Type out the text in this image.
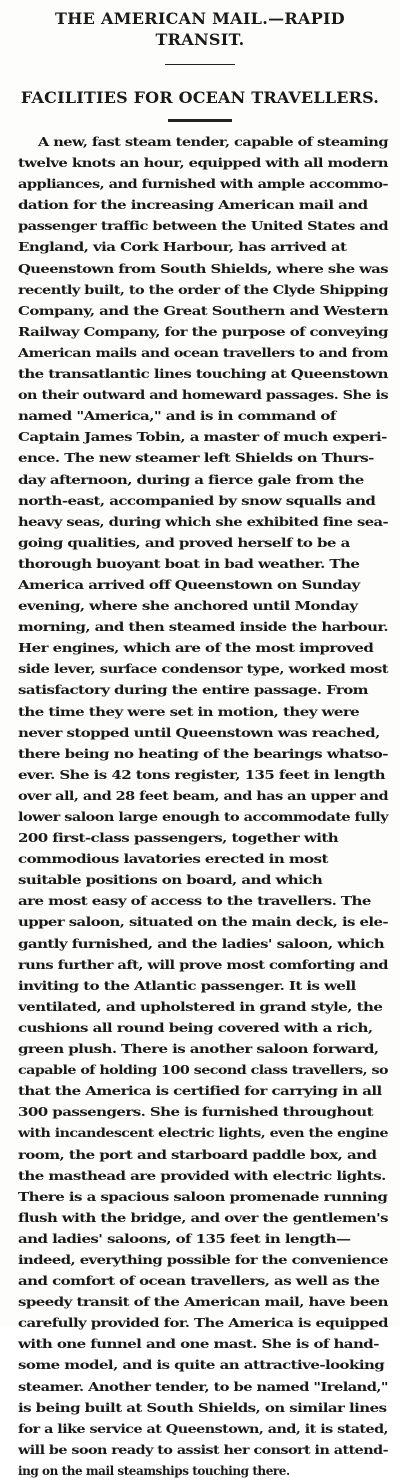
THE AMERICAN MAIL.—RAPID
TRANSIT.
FACILITIES FOR OCEAN TRAVELLERS.
A new, fast steam tender, capable of steaming
twelve knots an hour, equipped with all modern
appliances, and furnished with ample accommo-
dation for the increasing American mail and
passenger traffic between the United States and
England, via Cork Harbour, has arrived at
Queenstown from South Shields, where she was
recently built, to the order of the Clyde Shipping
Company, and the Great Southern and Western
Railway Company, for the purpose of conveying
American mails and ocean travellers to and from
the transatlantic lines touching at Queenstown
on their outward and homeward passages. She is
named "America," and is in command of
Captain James Tobin, a master of much experi-
ence. The new steamer left Shields on Thurs-
day afternoon, during a fierce gale from the
north-east, accompanied by snow squalls and
heavy seas, during which she exhibited fine sea-
going qualities, and proved herself to be a
thorough buoyant boat in bad weather. The
America arrived off Queenstown on Sunday
evening, where she anchored until Monday
morning, and then steamed inside the harbour.
Her engines, which are of the most improved
side lever, surface condensor type, worked most
satisfactory during the entire passage. From
the time they were set in motion, they were
never stopped until Queenstown was reached,
there being no heating of the bearings whatso-
ever. She is 42 tons register, 135 feet in length
over all, and 28 feet beam, and has an upper and
lower saloon large enough to accommodate fully
200 first-class passengers, together with
commodious lavatories erected in most
suitable positions on board, and which
are most easy of access to the travellers. The
upper saloon, situated on the main deck, is ele-
gantly furnished, and the ladies' saloon, which
runs further aft, will prove most comforting and
inviting to the Atlantic passenger. It is well
ventilated, and upholstered in grand style, the
cushions all round being covered with a rich,
green plush. There is another saloon forward,
capable of holding 100 second class travellers, so
that the America is certified for carrying in all
300 passengers. She is furnished throughout
with incandescent electric lights, even the engine
room, the port and starboard paddle box, and
the masthead are provided with electric lights.
There is a spacious saloon promenade running
flush with the bridge, and over the gentlemen's
and ladies' saloons, of 135 feet in length—
indeed, everything possible for the convenience
and comfort of ocean travellers, as well as the
speedy transit of the American mail, have been
carefully provided for. The America is equipped
with one funnel and one mast. She is of hand-
some model, and is quite an attractive-looking
steamer. Another tender, to be named "Ireland,"
is being built at South Shields, on similar lines
for a like service at Queenstown, and, it is stated,
will be soon ready to assist her consort in attend-
ing on the mail steamships touching there.
